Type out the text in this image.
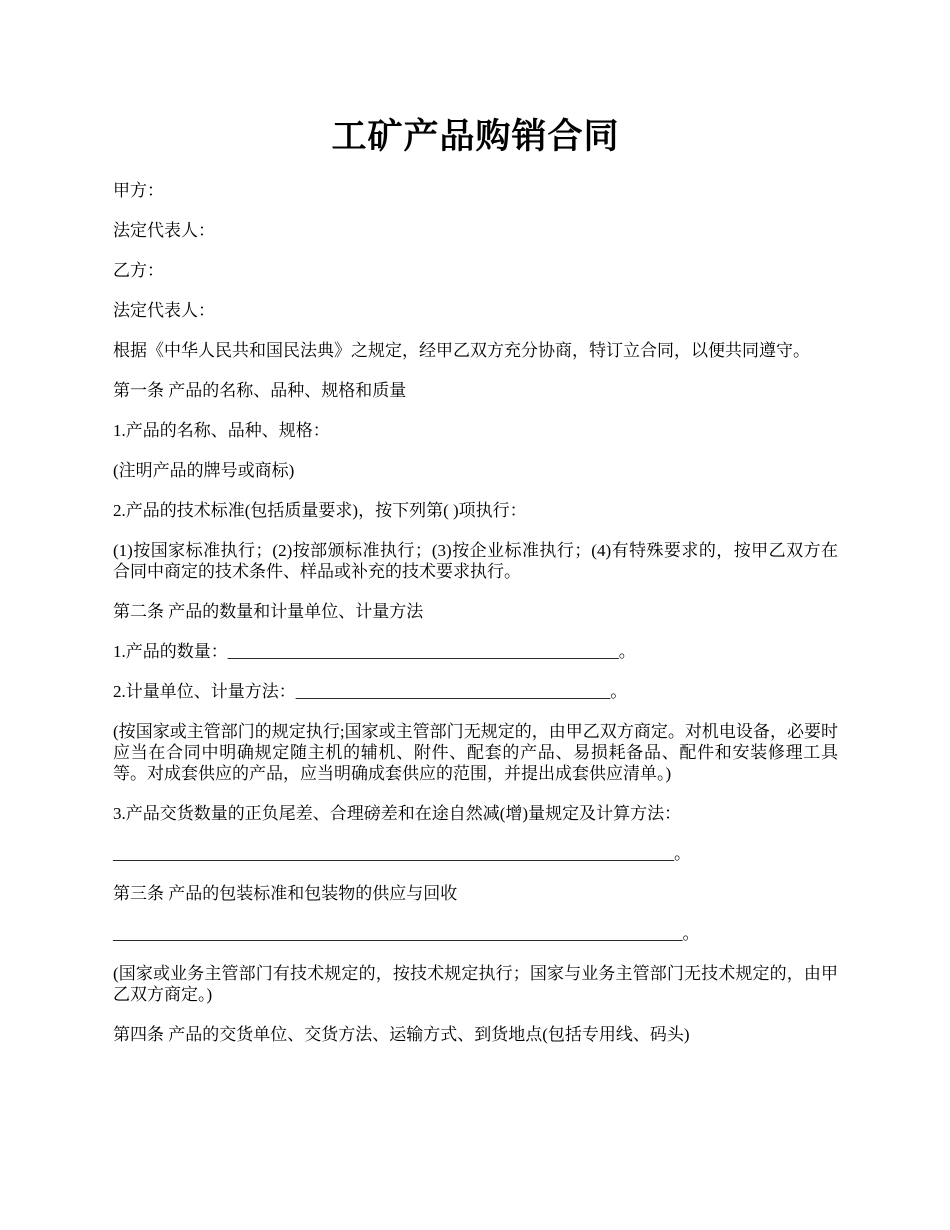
工矿产品购销合同

甲方：

法定代表人：

乙方：

法定代表人：

根据《中华人民共和国民法典》之规定，经甲乙双方充分协商，特订立合同，以便共同遵守。

第一条 产品的名称、品种、规格和质量

1.产品的名称、品种、规格：

(注明产品的牌号或商标)

2.产品的技术标准(包括质量要求)，按下列第( )项执行：

(1)按国家标准执行；(2)按部颁标准执行；(3)按企业标准执行；(4)有特殊要求的，按甲乙双方在合同中商定的技术条件、样品或补充的技术要求执行。

第二条 产品的数量和计量单位、计量方法

1.产品的数量：______________________________________________。

2.计量单位、计量方法：_____________________________________。

(按国家或主管部门的规定执行;国家或主管部门无规定的，由甲乙双方商定。对机电设备，必要时应当在合同中明确规定随主机的辅机、附件、配套的产品、易损耗备品、配件和安装修理工具等。对成套供应的产品，应当明确成套供应的范围，并提出成套供应清单。)

3.产品交货数量的正负尾差、合理磅差和在途自然减(增)量规定及计算方法：

__________________________________________________________________。

第三条 产品的包装标准和包装物的供应与回收

___________________________________________________________________。

(国家或业务主管部门有技术规定的，按技术规定执行；国家与业务主管部门无技术规定的，由甲乙双方商定。)

第四条 产品的交货单位、交货方法、运输方式、到货地点(包括专用线、码头)
